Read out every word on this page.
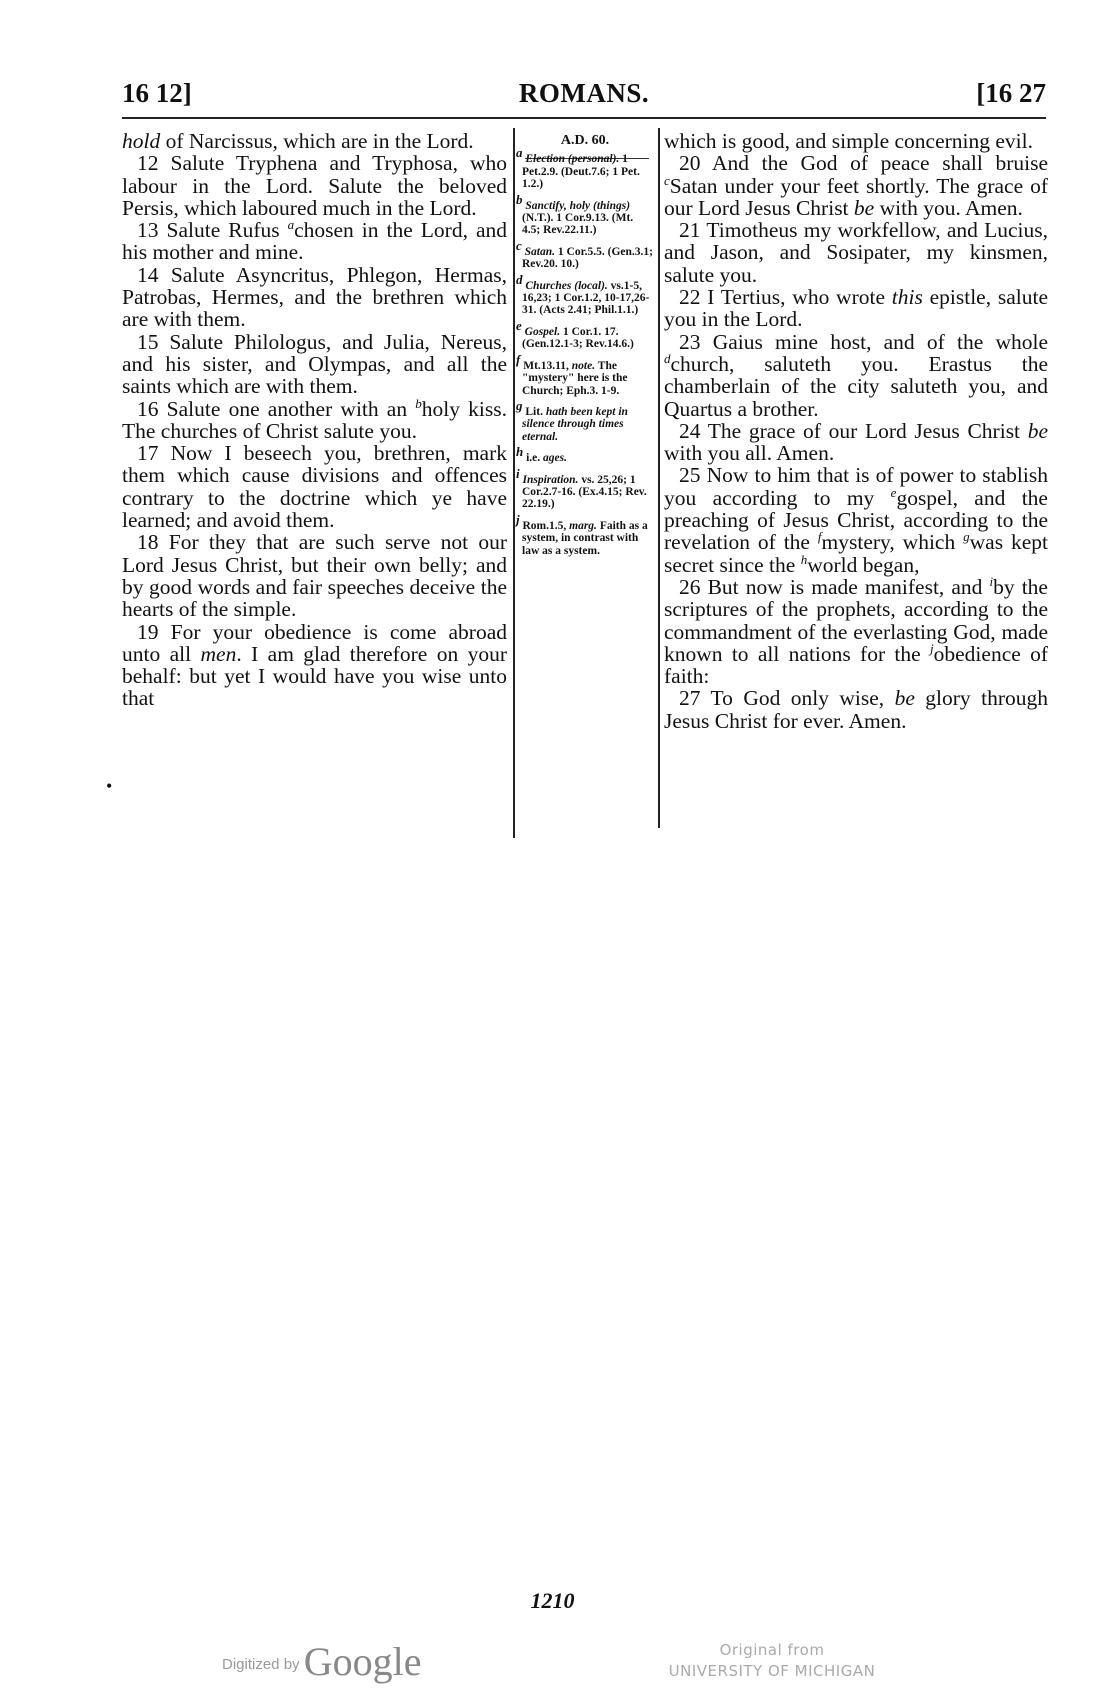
16 12]	ROMANS.	[16 27

hold of Narcissus, which are in the Lord.

12 Salute Tryphena and Tryphosa, who labour in the Lord. Salute the beloved Persis, which laboured much in the Lord.

13 Salute Rufus $^a$chosen in the Lord, and his mother and mine.

14 Salute Asyncritus, Phlegon, Hermas, Patrobas, Hermes, and the brethren which are with them.

15 Salute Philologus, and Julia, Nereus, and his sister, and Olympas, and all the saints which are with them.

16 Salute one another with an $^b$holy kiss. The churches of Christ salute you.

17 Now I beseech you, brethren, mark them which cause divisions and offences contrary to the doctrine which ye have learned; and avoid them.

18 For they that are such serve not our Lord Jesus Christ, but their own belly; and by good words and fair speeches deceive the hearts of the simple.

19 For your obedience is come abroad unto all men. I am glad therefore on your behalf: but yet I would have you wise unto that

A.D. 60.
$^a$ Election (personal). 1 Pet.2.9. (Deut.7.6; 1 Pet. 1.2.)
$^b$ Sanctify, holy (things) (N.T.). 1 Cor.9.13. (Mt. 4.5; Rev.22.11.)
$^c$ Satan. 1 Cor.5.5. (Gen.3.1; Rev.20. 10.)
$^d$ Churches (local). vs.1-5, 16,23; 1 Cor.1.2, 10-17,26-31. (Acts 2.41; Phil.1.1.)
$^e$ Gospel. 1 Cor.1. 17. (Gen.12.1-3; Rev.14.6.)
$^f$ Mt.13.11, note. The "mystery" here is the Church; Eph.3. 1-9.
$^g$ Lit. hath been kept in silence through times eternal.
$^h$ i.e. ages.
$^i$ Inspiration. vs. 25,26; 1 Cor.2.7-16. (Ex.4.15; Rev. 22.19.)
$^j$ Rom.1.5, marg. Faith as a system, in contrast with law as a system.

which is good, and simple concerning evil.

20 And the God of peace shall bruise $^c$Satan under your feet shortly. The grace of our Lord Jesus Christ be with you. Amen.

21 Timotheus my workfellow, and Lucius, and Jason, and Sosipater, my kinsmen, salute you.

22 I Tertius, who wrote this epistle, salute you in the Lord.

23 Gaius mine host, and of the whole $^d$church, saluteth you. Erastus the chamberlain of the city saluteth you, and Quartus a brother.

24 The grace of our Lord Jesus Christ be with you all. Amen.

25 Now to him that is of power to stablish you according to my $^e$gospel, and the preaching of Jesus Christ, according to the revelation of the $^f$mystery, which $^g$was kept secret since the $^h$world began,

26 But now is made manifest, and $^i$by the scriptures of the prophets, according to the commandment of the everlasting God, made known to all nations for the $^j$obedience of faith:

27 To God only wise, be glory through Jesus Christ for ever. Amen.

•
1210
Digitized by Google	Original from
UNIVERSITY OF MICHIGAN
